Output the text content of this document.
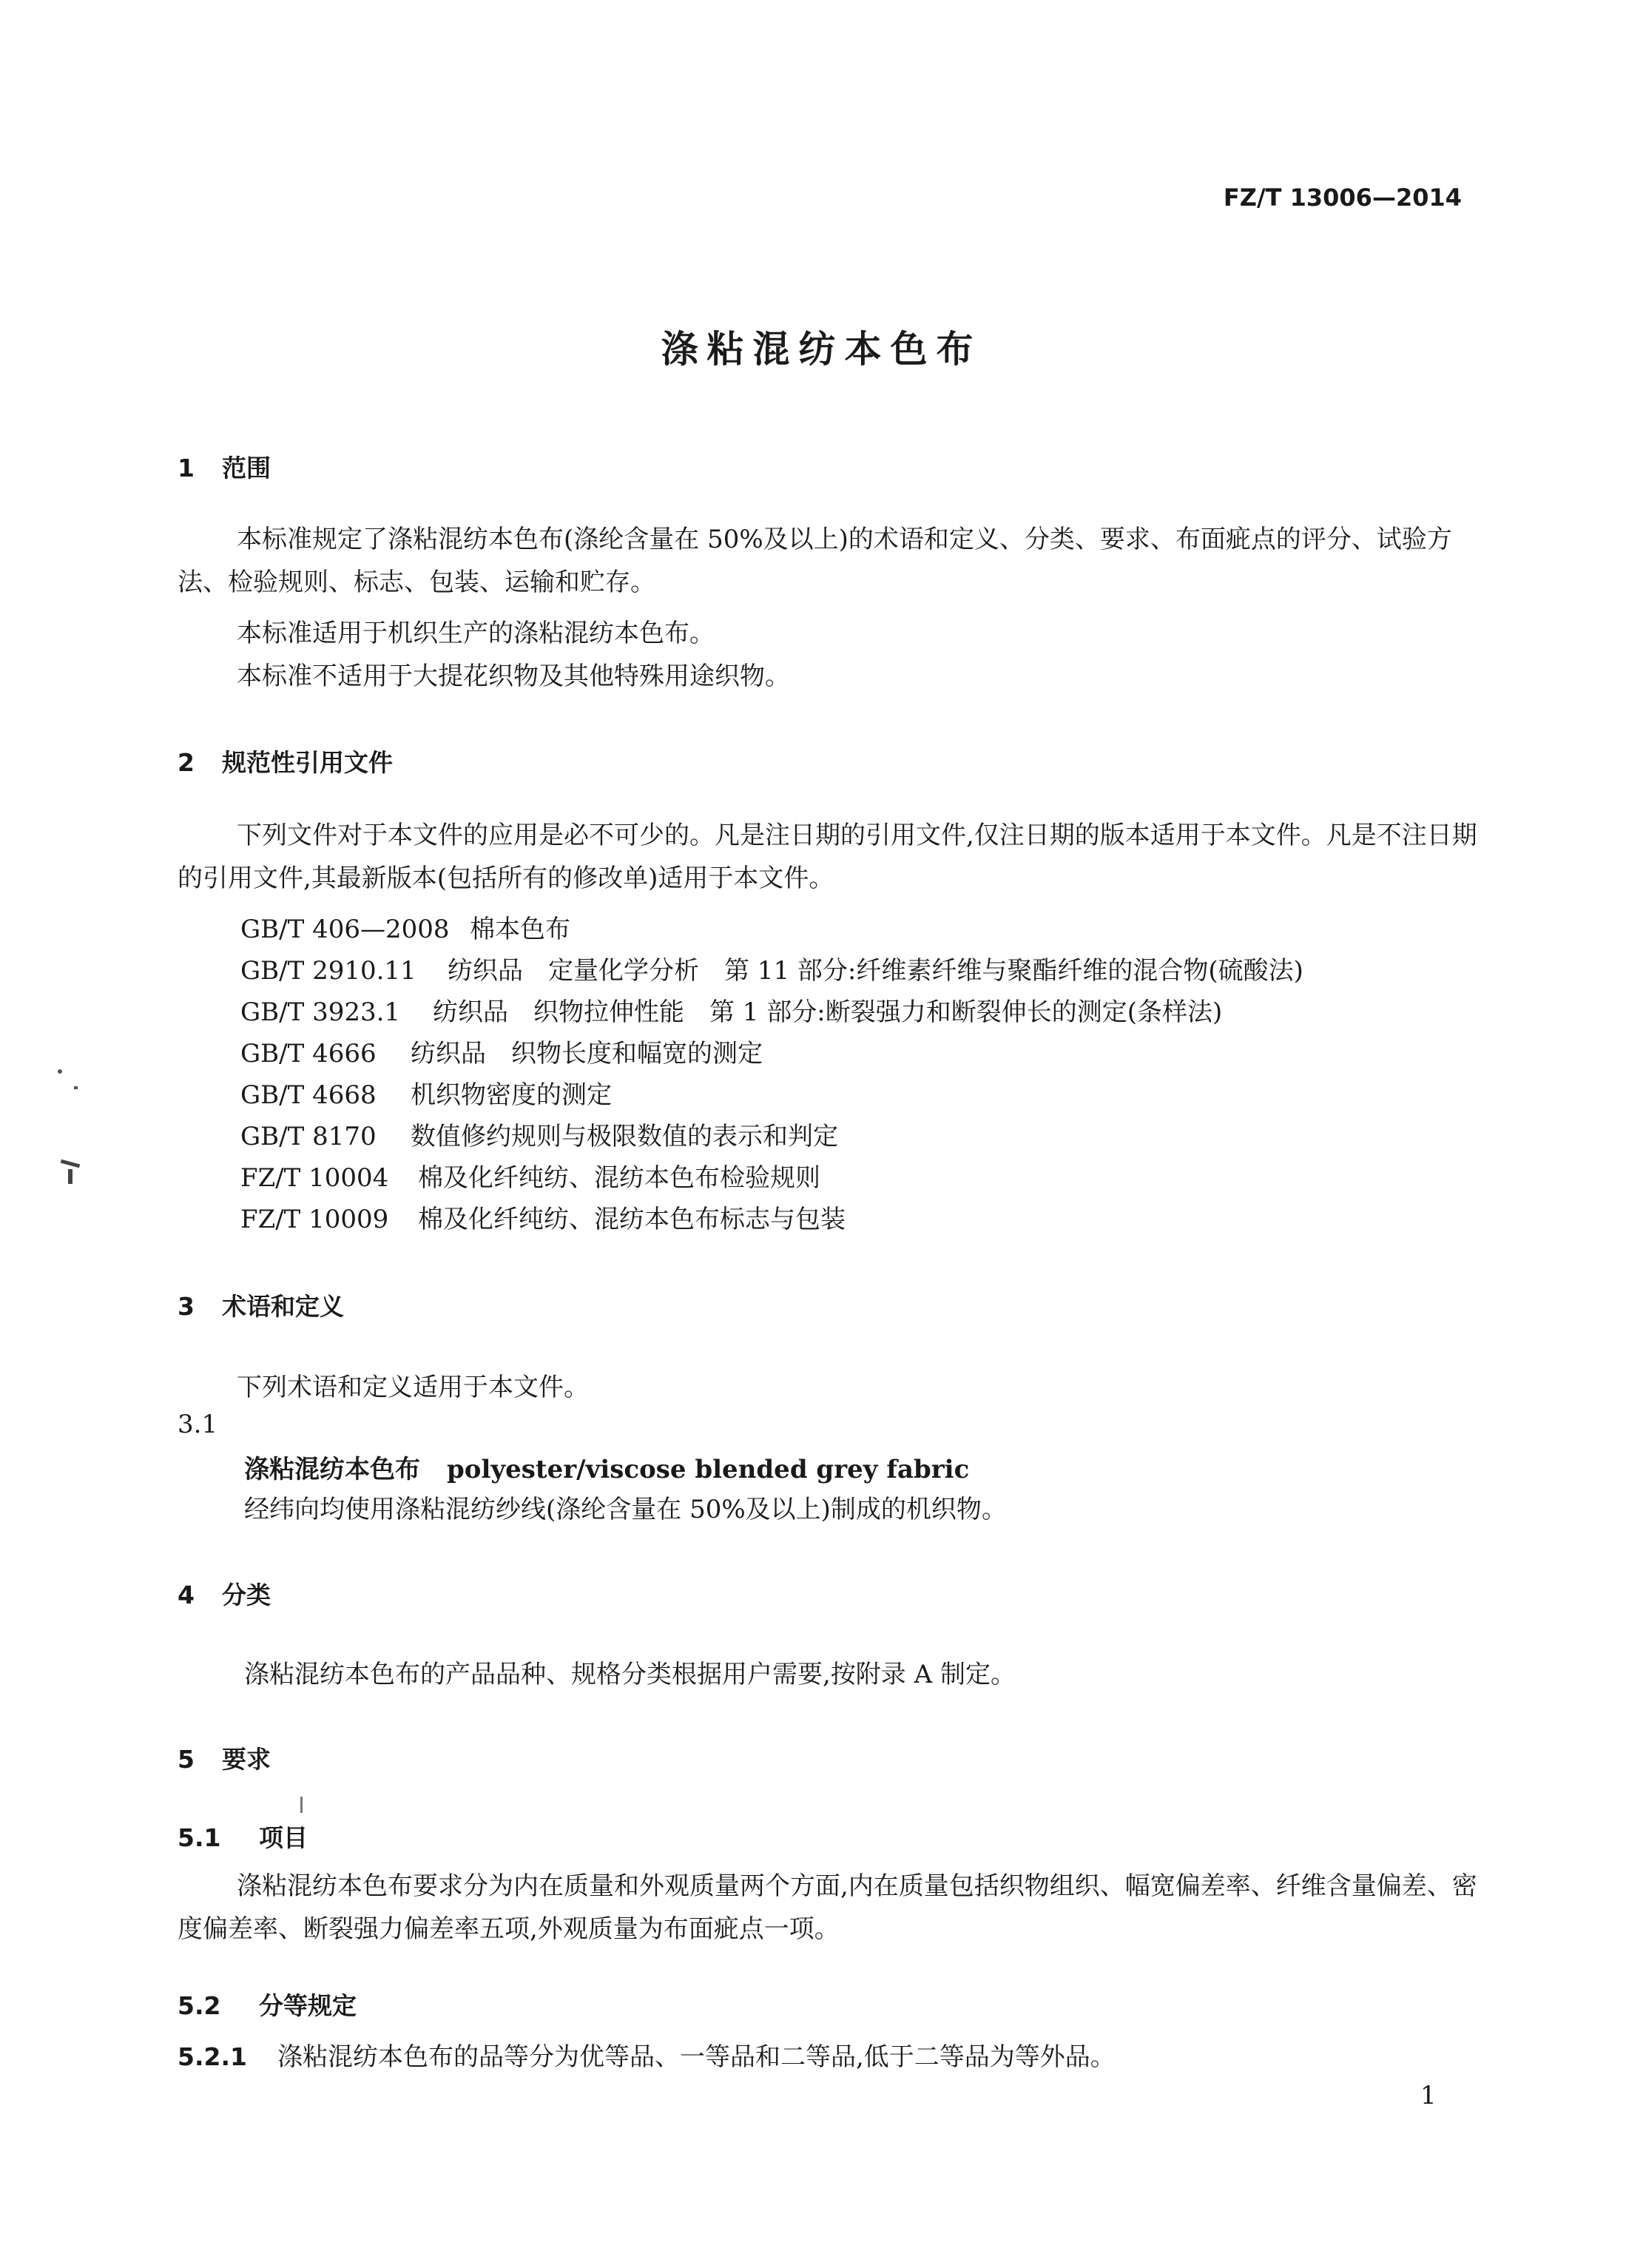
FZ/T 13006—2014
涤粘混纺本色布
1 范围
本标准规定了涤粘混纺本色布(涤纶含量在 50%及以上)的术语和定义、分类、要求、布面疵点的评分、试验方法、检验规则、标志、包装、运输和贮存。
本标准适用于机织生产的涤粘混纺本色布。
本标准不适用于大提花织物及其他特殊用途织物。
2 规范性引用文件
下列文件对于本文件的应用是必不可少的。凡是注日期的引用文件,仅注日期的版本适用于本文件。凡是不注日期的引用文件,其最新版本(包括所有的修改单)适用于本文件。
GB/T 406—2008 棉本色布
GB/T 2910.11 纺织品　定量化学分析　第 11 部分:纤维素纤维与聚酯纤维的混合物(硫酸法)
GB/T 3923.1 纺织品　织物拉伸性能　第 1 部分:断裂强力和断裂伸长的测定(条样法)
GB/T 4666 纺织品　织物长度和幅宽的测定
GB/T 4668 机织物密度的测定
GB/T 8170 数值修约规则与极限数值的表示和判定
FZ/T 10004 棉及化纤纯纺、混纺本色布检验规则
FZ/T 10009 棉及化纤纯纺、混纺本色布标志与包装
3 术语和定义
下列术语和定义适用于本文件。
3.1
涤粘混纺本色布 polyester/viscose blended grey fabric
经纬向均使用涤粘混纺纱线(涤纶含量在 50%及以上)制成的机织物。
4 分类
涤粘混纺本色布的产品品种、规格分类根据用户需要,按附录 A 制定。
5 要求
5.1 项目
涤粘混纺本色布要求分为内在质量和外观质量两个方面,内在质量包括织物组织、幅宽偏差率、纤维含量偏差、密度偏差率、断裂强力偏差率五项,外观质量为布面疵点一项。
5.2 分等规定
5.2.1 涤粘混纺本色布的品等分为优等品、一等品和二等品,低于二等品为等外品。
1
